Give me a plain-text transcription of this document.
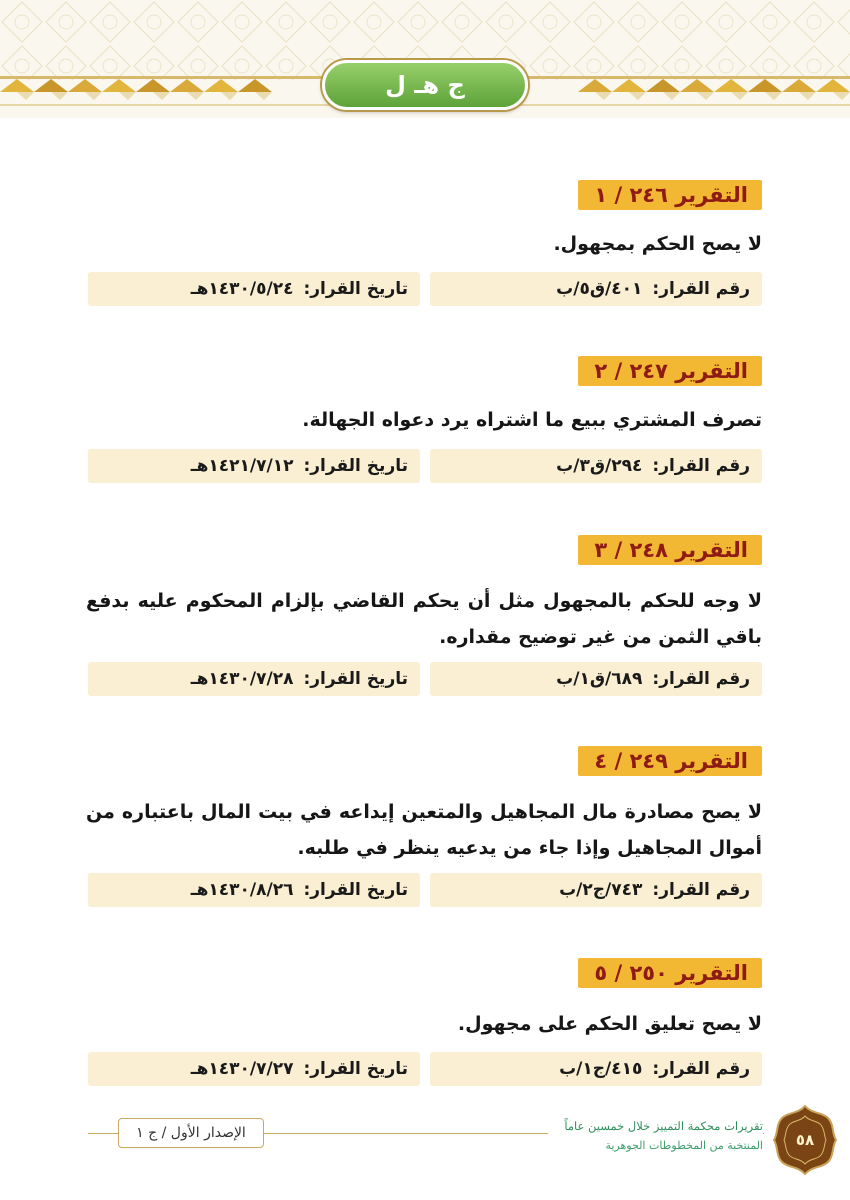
ج هـ ل
التقرير ٢٤٦ / ١
لا يصح الحكم بمجهول.
رقم القرار:
٤٠١/ق٥/ب
تاريخ القرار:
١٤٣٠/٥/٢٤هـ
التقرير ٢٤٧ / ٢
تصرف المشتري ببيع ما اشتراه يرد دعواه الجهالة.
رقم القرار:
٢٩٤/ق٣/ب
تاريخ القرار:
١٤٢١/٧/١٢هـ
التقرير ٢٤٨ / ٣
لا وجه للحكم بالمجهول مثل أن يحكم القاضي بإلزام المحكوم عليه بدفع باقي الثمن من غير توضيح مقداره.
رقم القرار:
٦٨٩/ق١/ب
تاريخ القرار:
١٤٣٠/٧/٢٨هـ
التقرير ٢٤٩ / ٤
لا يصح مصادرة مال المجاهيل والمتعين إيداعه في بيت المال باعتباره من أموال المجاهيل وإذا جاء من يدعيه ينظر في طلبه.
رقم القرار:
٧٤٣/ج٢/ب
تاريخ القرار:
١٤٣٠/٨/٢٦هـ
التقرير ٢٥٠ / ٥
لا يصح تعليق الحكم على مجهول.
رقم القرار:
٤١٥/ج١/ب
تاريخ القرار:
١٤٣٠/٧/٢٧هـ
الإصدار الأول / ج ١	تقريرات محكمة التمييز خلال خمسين عاماً
المنتخبة من المخطوطات الجوهرية	٥٨
